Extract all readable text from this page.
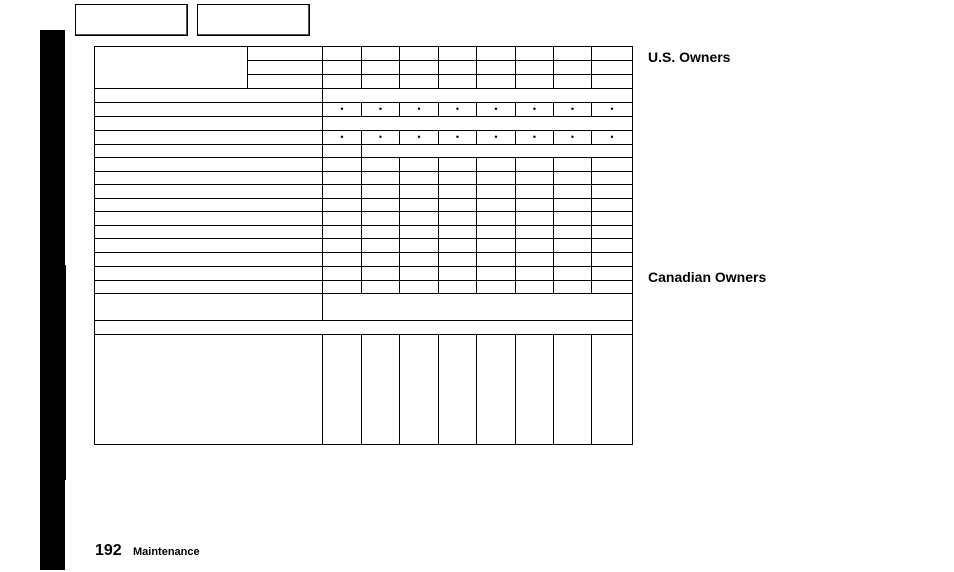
		•	•	•	•	•	•	•	•

		•	•	•	•	•	•	•	•

U.S. Owners
Canadian Owners
192 Maintenance
